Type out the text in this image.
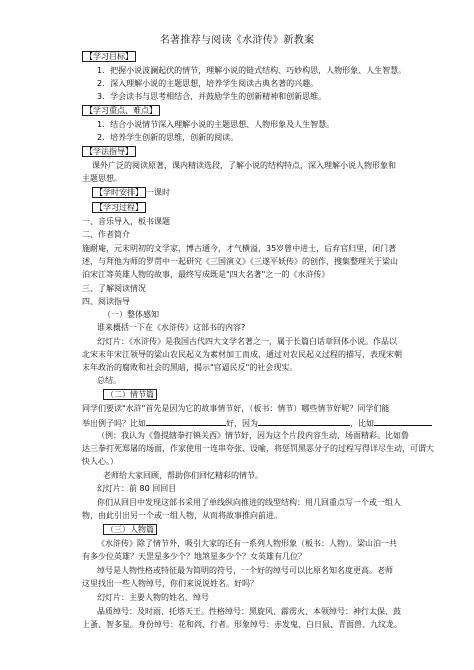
名著推荐与阅读《水浒传》新教案
【学习目标】
1．把握小说波澜起伏的情节，理解小说的链式结构、巧妙构思，人物形象、人生智慧。
2．深入理解小说的主题思想，培养学生阅读古典名著的兴趣。
3．学会读书与思考相结合，并鼓励学生的创新精神和创新思维。
【学习重点、难点】
1．结合小说情节深入理解小说的主题思想、人物形象及人生智慧。
2．培养学生创新的思维，创新的阅读。
【学法指导】
课外广泛的阅读原著，课内精读选段，了解小说的结构特点，深入理解小说人物形象和
主题思想。
【学时安排】 一课时
【学习过程】
一、音乐导入，板书课题
二、作者简介
施耐庵，元末明初的文学家，博古通今，才气横溢，35岁曾中进士，后弃官归里，闭门著
述，与拜他为师的罗贯中一起研究《三国演义》《三遂平妖传》的创作，搜集整理关于梁山
泊宋江等英雄人物的故事，最终写成既是"四大名著"之一的《水浒传》
三、了解阅读情况
四、阅读指导
（一）整体感知
谁来概括一下在《水浒传》这部书的内容?
幻灯片：《水浒传》是我国古代四大文学名著之一，属于长篇白话章回体小说。作品以
北宋末年宋江领导的梁山农民起义为素材加工而成，通过对农民起义过程的描写，表现宋朝
末年政治的腐败和社会的黑暗，揭示"官逼民反"的社会现实。
总结。
（二）情节篇
同学们要读"水浒"首先是因为它的故事情节好，（板书：情节）哪些情节好呢？同学们能
举出例子吗？比如	好，因为	，比如
（例：我认为《鲁提辖拳打镇关西》情节好，因为这个片段内容生动，场面精彩。比如鲁
达三拳打死郑屠的场面，作家使用一连串夸张、设喻，将惩罚黑恶分子的过程写得详尽生动，可谓大
快人心。）
老师给大家回顾，帮助你们回忆精彩的情节。
幻灯片：前 80 回回目
你们从回目中发现这部书采用了单线纵向推进的线型结构：用几回重点写一个或一组人
物，由此引出另一个或一组人物，从而将故事推向前进。
（三）人物篇
《水浒传》除了情节外，吸引大家的还有一系列人物形象（板书：人物）。梁山泊一共
有多少位英雄？天罡星多少个？地煞星多少个？女英雄有几位？
绰号是人物性格或特征最为简明的符号，一个好的绰号可以比原名知名度更高。老师
这里找出一些人物绰号，你们来说说姓名。好吗？
幻灯片：主要人物的姓名、绰号
品质绰号：及时雨、托塔天王。性格绰号：黑旋风、霹雳火、本领绰号：神行太保、鼓
上蚤、智多星。身份绰号：花和尚、行者。形象绰号：赤发鬼、白日鼠、青面兽、九纹龙。
